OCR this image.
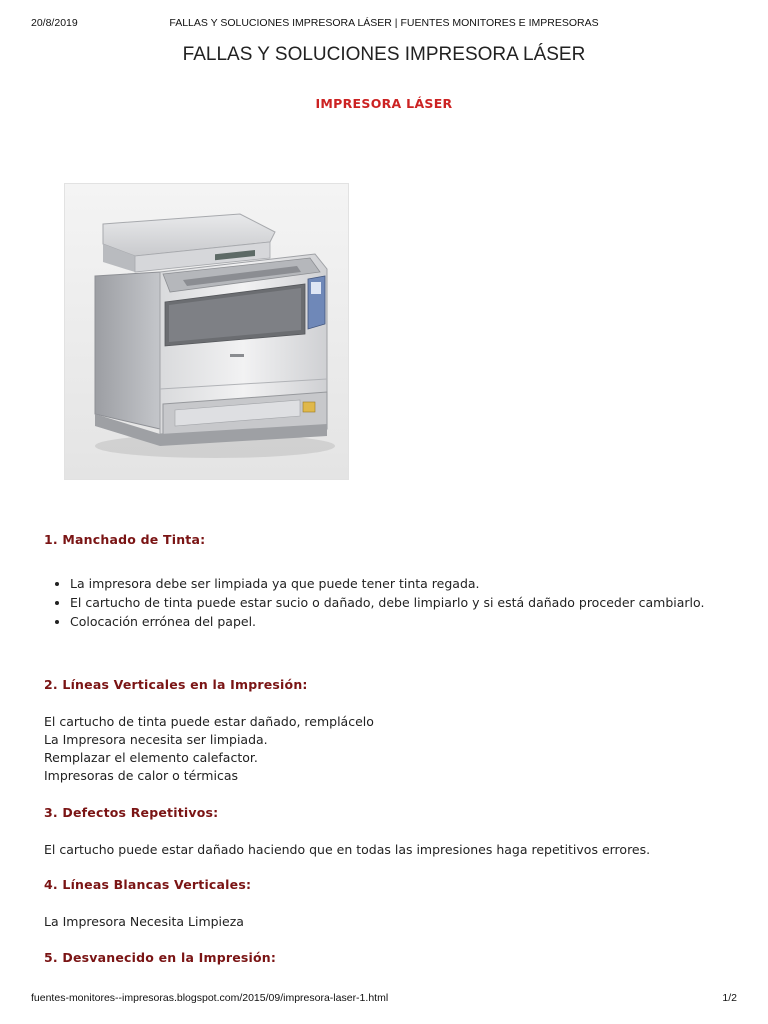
20/8/2019	FALLAS Y SOLUCIONES IMPRESORA LÁSER | FUENTES MONITORES E IMPRESORAS
FALLAS Y SOLUCIONES IMPRESORA LÁSER
IMPRESORA LÁSER
1. Manchado de Tinta:
• La impresora debe ser limpiada ya que puede tener tinta regada.
• El cartucho de tinta puede estar sucio o dañado, debe limpiarlo y si está dañado proceder cambiarlo.
• Colocación errónea del papel.
2. Líneas Verticales en la Impresión:
El cartucho de tinta puede estar dañado, remplácelo
La Impresora necesita ser limpiada.
Remplazar el elemento calefactor.
Impresoras de calor o térmicas
3. Defectos Repetitivos:
El cartucho puede estar dañado haciendo que en todas las impresiones haga repetitivos errores.
4. Líneas Blancas Verticales:
La Impresora Necesita Limpieza
5. Desvanecido en la Impresión:
fuentes-monitores--impresoras.blogspot.com/2015/09/impresora-laser-1.html	1/2
